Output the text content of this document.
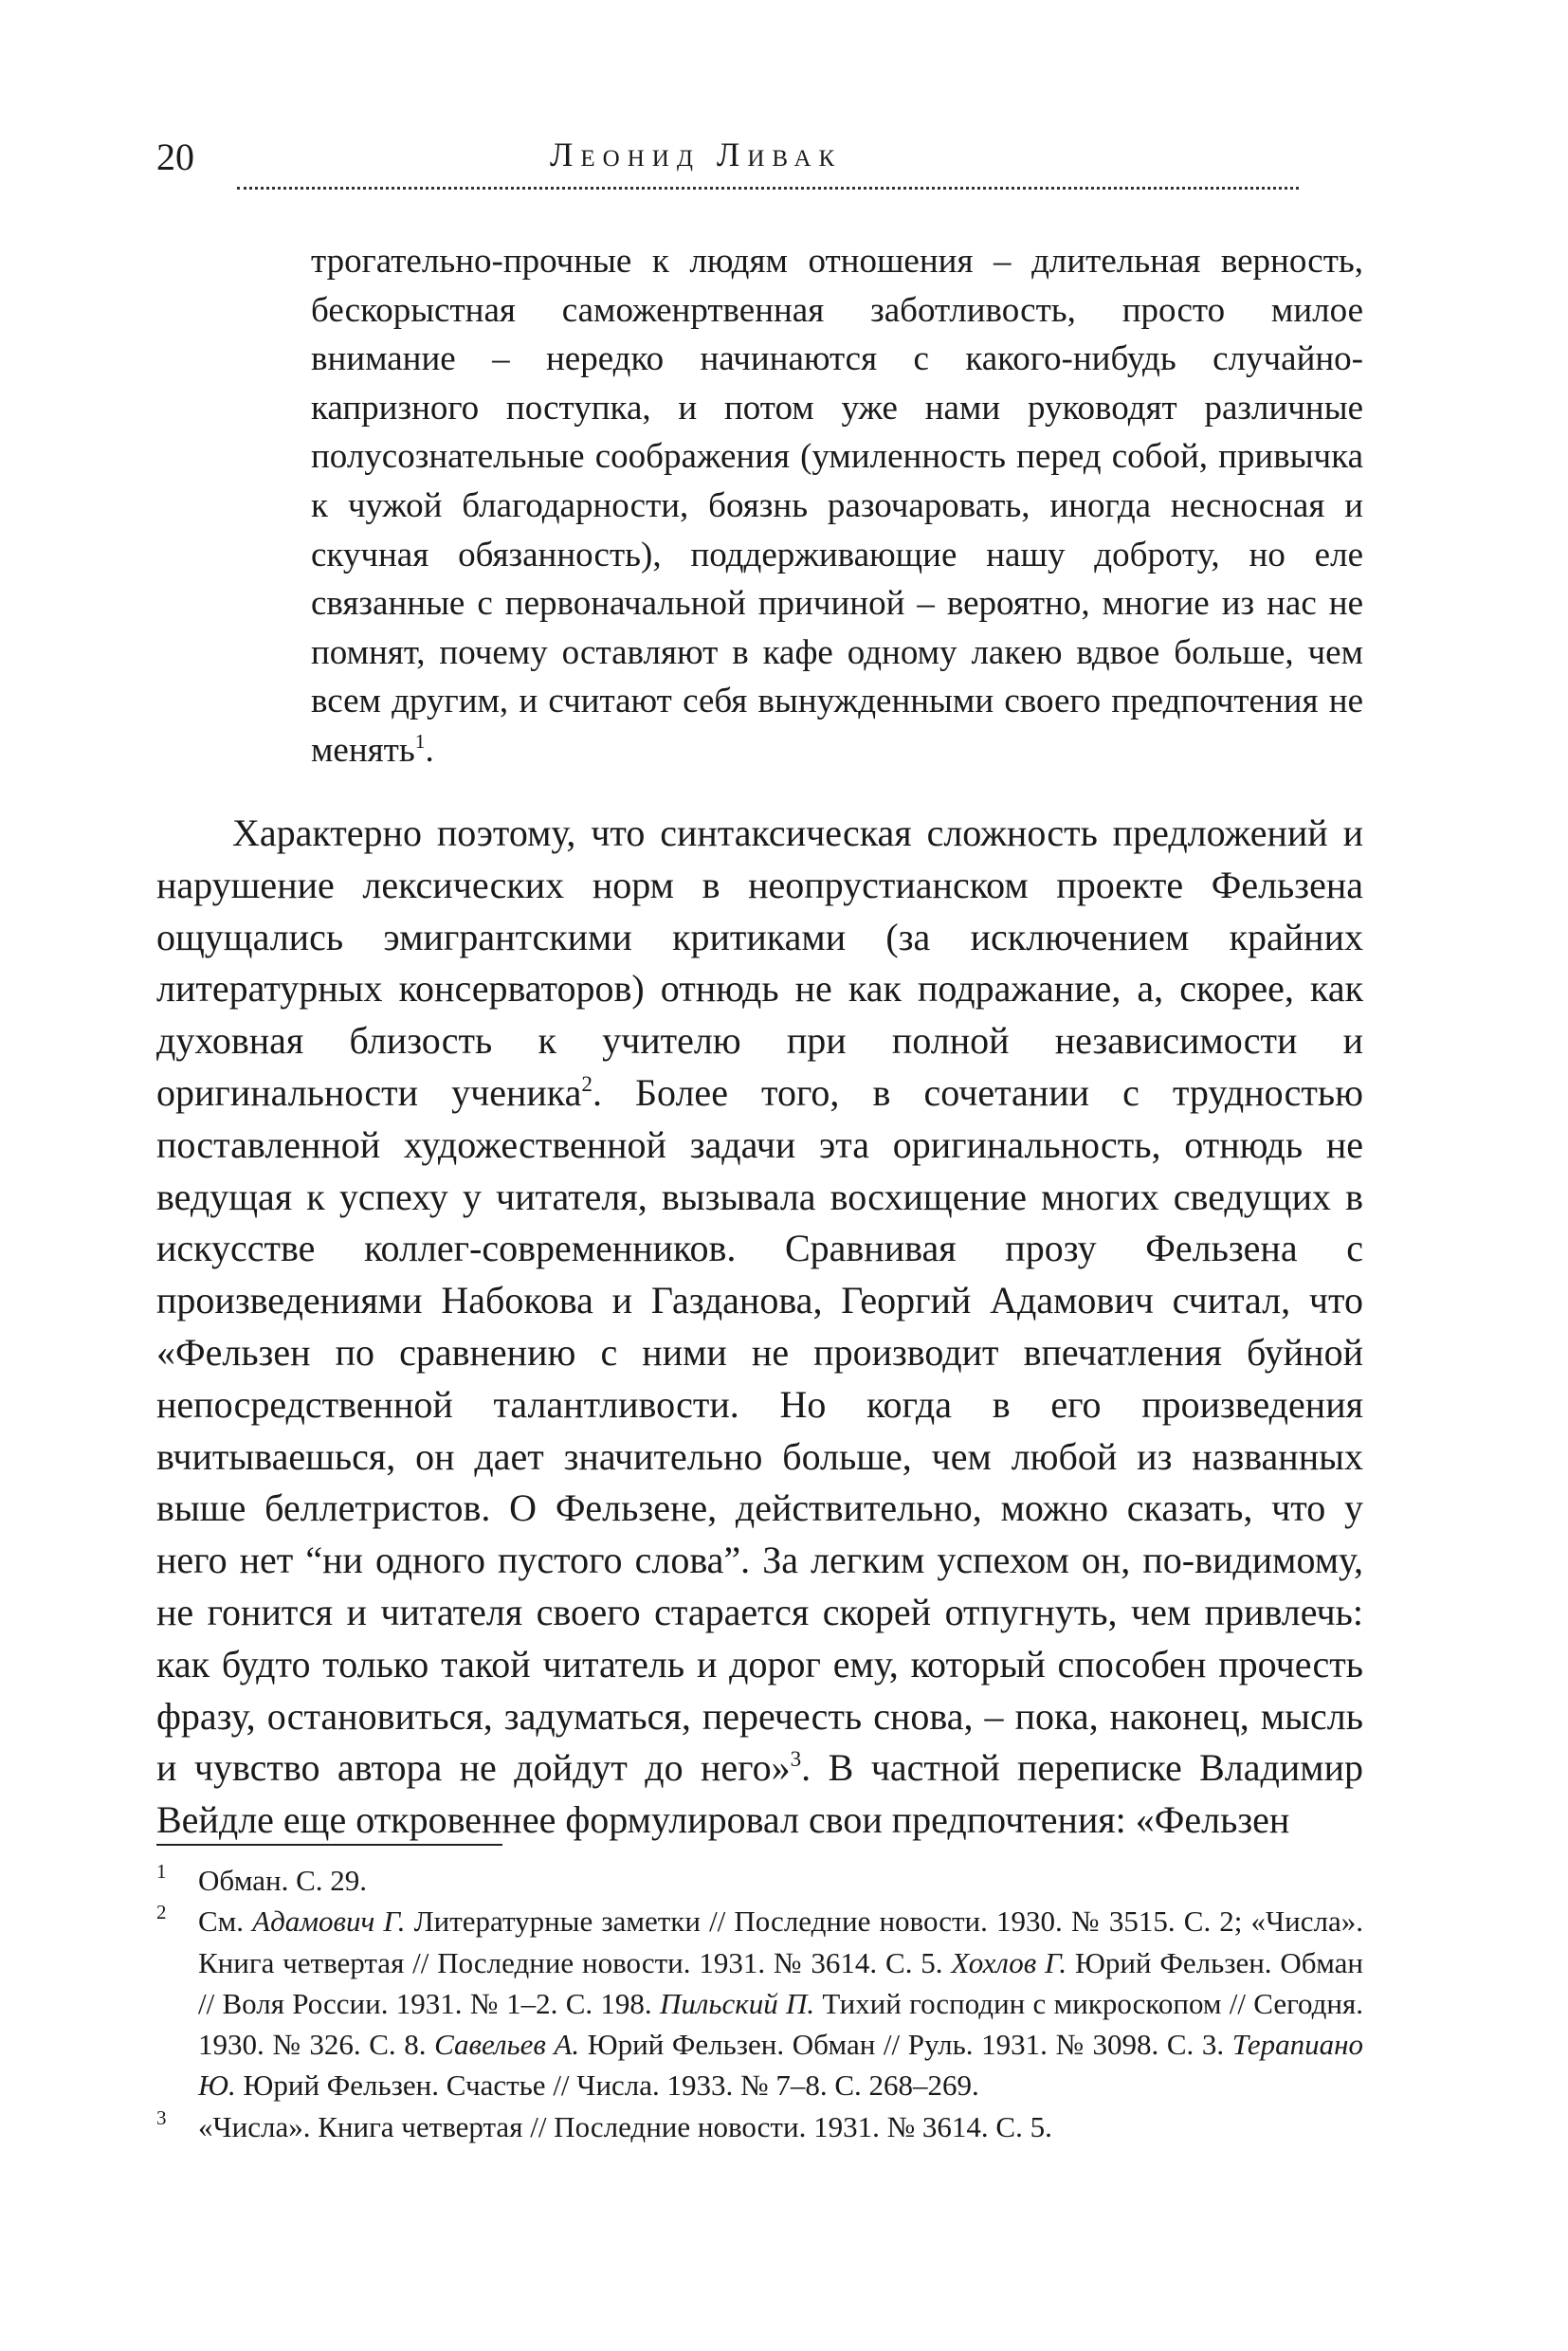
20	Леонид Ливак

трогательно-прочные к людям отношения – длительная верность, бескорыстная саможенртвенная заботливость, просто милое внимание – нередко начинаются с какого-нибудь случайно-капризного поступка, и потом уже нами руководят различные полусознательные соображения (умиленность перед собой, привычка к чужой благодарности, боязнь разочаровать, иногда несносная и скучная обязанность), поддерживающие нашу доброту, но еле связанные с первоначальной причиной – вероятно, многие из нас не помнят, почему оставляют в кафе одному лакею вдвое больше, чем всем другим, и считают себя вынужденными своего предпочтения не менять$^1$.

Характерно поэтому, что синтаксическая сложность предложений и нарушение лексических норм в неопрустианском проекте Фельзена ощущались эмигрантскими критиками (за исключением крайних литературных консерваторов) отнюдь не как подражание, а, скорее, как духовная близость к учителю при полной независимости и оригинальности ученика$^2$. Более того, в сочетании с трудностью поставленной художественной задачи эта оригинальность, отнюдь не ведущая к успеху у читателя, вызывала восхищение многих сведущих в искусстве коллег-современников. Сравнивая прозу Фельзена с произведениями Набокова и Газданова, Георгий Адамович считал, что «Фельзен по сравнению с ними не производит впечатления буйной непосредственной талантливости. Но когда в его произведения вчитываешься, он дает значительно больше, чем любой из названных выше беллетристов. О Фельзене, действительно, можно сказать, что у него нет “ни одного пустого слова”. За легким успехом он, по-видимому, не гонится и читателя своего старается скорей отпугнуть, чем привлечь: как будто только такой читатель и дорог ему, который способен прочесть фразу, остановиться, задуматься, перечесть снова, – пока, наконец, мысль и чувство автора не дойдут до него»$^3$. В частной переписке Владимир Вейдле еще откровеннее формулировал свои предпочтения: «Фельзен

1 Обман. С. 29.
2 См. Адамович Г. Литературные заметки // Последние новости. 1930. № 3515. С. 2; «Числа». Книга четвертая // Последние новости. 1931. № 3614. С. 5. Хохлов Г. Юрий Фельзен. Обман // Воля России. 1931. № 1–2. С. 198. Пильский П. Тихий господин с микроскопом // Сегодня. 1930. № 326. С. 8. Савельев А. Юрий Фельзен. Обман // Руль. 1931. № 3098. С. 3. Терапиано Ю. Юрий Фельзен. Счастье // Числа. 1933. № 7–8. С. 268–269.
3 «Числа». Книга четвертая // Последние новости. 1931. № 3614. С. 5.
